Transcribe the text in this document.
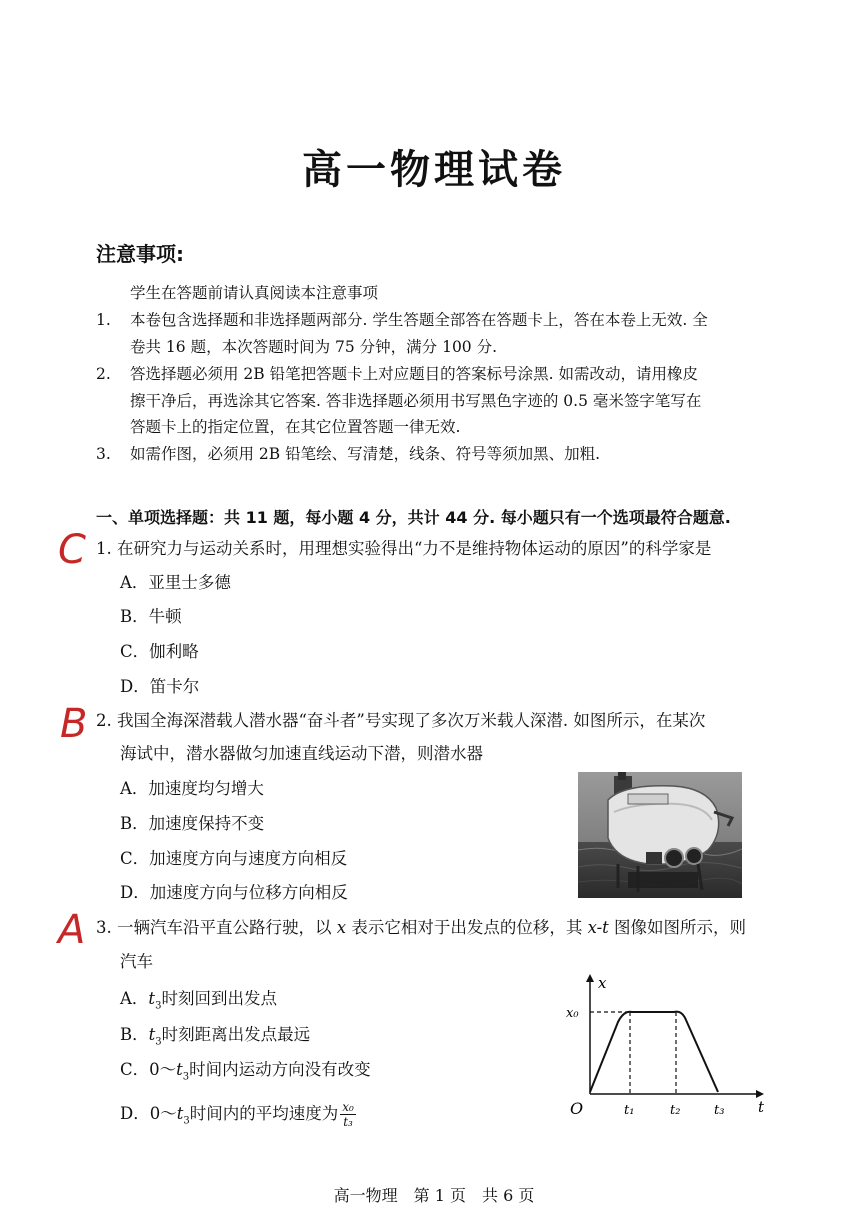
高一物理试卷
注意事项:
学生在答题前请认真阅读本注意事项
1. 本卷包含选择题和非选择题两部分. 学生答题全部答在答题卡上，答在本卷上无效. 全
卷共 16 题，本次答题时间为 75 分钟，满分 100 分.
2. 答选择题必须用 2B 铅笔把答题卡上对应题目的答案标号涂黑. 如需改动，请用橡皮
擦干净后，再选涂其它答案. 答非选择题必须用书写黑色字迹的 0.5 毫米签字笔写在
答题卡上的指定位置，在其它位置答题一律无效.
3. 如需作图，必须用 2B 铅笔绘、写清楚，线条、符号等须加黑、加粗.
一、单项选择题：共 11 题，每小题 4 分，共计 44 分. 每小题只有一个选项最符合题意.
C 1. 在研究力与运动关系时，用理想实验得出“力不是维持物体运动的原因”的科学家是
A．亚里士多德
B．牛顿
C．伽利略
D．笛卡尔
B 2. 我国全海深潜载人潜水器“奋斗者”号实现了多次万米载人深潜. 如图所示，在某次
海试中，潜水器做匀加速直线运动下潜，则潜水器
A．加速度均匀增大
B．加速度保持不变
C．加速度方向与速度方向相反
D．加速度方向与位移方向相反
A 3. 一辆汽车沿平直公路行驶，以 x 表示它相对于出发点的位移，其 x-t 图像如图所示，则
汽车
A．$t_3$时刻回到出发点
B．$t_3$时刻距离出发点最远
C．$0\sim t_3$时间内运动方向没有改变
D．$0\sim t_3$时间内的平均速度为 $\frac{\text{x₀}}{\text{t₃}}$
x
t
O
x₀
t₁	t₂	t₃
高一物理　第 1 页　共 6 页
